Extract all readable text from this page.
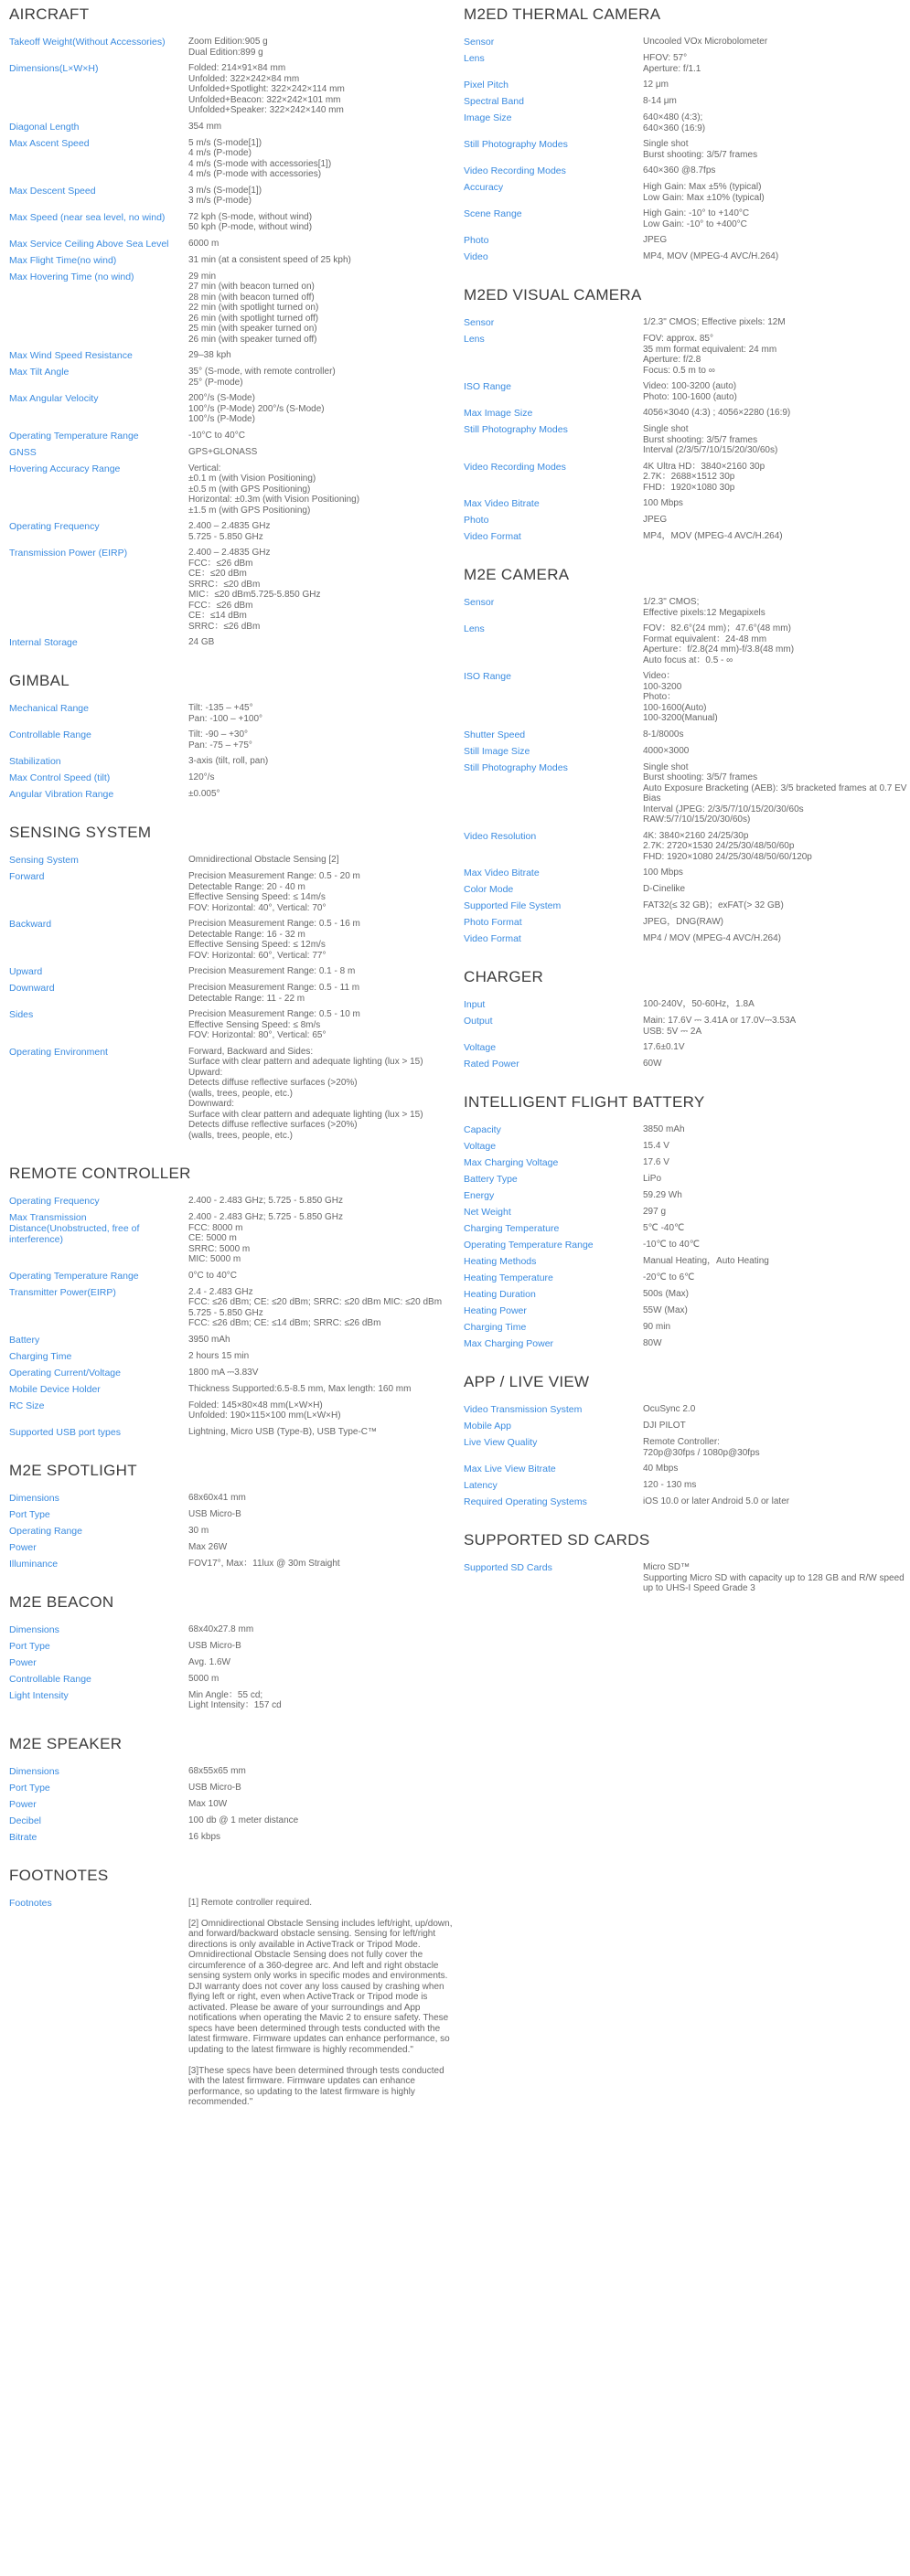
AIRCRAFT
Takeoff Weight(Without Accessories)	Zoom Edition:905 g
Dual Edition:899 g
Dimensions(L×W×H)	Folded: 214×91×84 mm
Unfolded: 322×242×84 mm
Unfolded+Spotlight: 322×242×114 mm
Unfolded+Beacon: 322×242×101 mm
Unfolded+Speaker: 322×242×140 mm
Diagonal Length	354 mm
Max Ascent Speed	5 m/s (S-mode[1])
4 m/s (P-mode)
4 m/s (S-mode with accessories[1])
4 m/s (P-mode with accessories)
Max Descent Speed	3 m/s (S-mode[1])
3 m/s (P-mode)
Max Speed (near sea level, no wind)	72 kph (S-mode, without wind)
50 kph (P-mode, without wind)
Max Service Ceiling Above Sea Level	6000 m
Max Flight Time(no wind)	31 min (at a consistent speed of 25 kph)
Max Hovering Time (no wind)	29 min
27 min (with beacon turned on)
28 min (with beacon turned off)
22 min (with spotlight turned on)
26 min (with spotlight turned off)
25 min (with speaker turned on)
26 min (with speaker turned off)
Max Wind Speed Resistance	29–38 kph
Max Tilt Angle	35° (S-mode, with remote controller)
25° (P-mode)
Max Angular Velocity	200°/s (S-Mode)
100°/s (P-Mode) 200°/s (S-Mode)
100°/s (P-Mode)
Operating Temperature Range	-10°C to 40°C
GNSS	GPS+GLONASS
Hovering Accuracy Range	Vertical:
±0.1 m (with Vision Positioning)
±0.5 m (with GPS Positioning)
Horizontal: ±0.3m (with Vision Positioning)
±1.5 m (with GPS Positioning)
Operating Frequency	2.400 – 2.4835 GHz
5.725 - 5.850 GHz
Transmission Power (EIRP)	2.400 – 2.4835 GHz
FCC：≤26 dBm
CE：≤20 dBm
SRRC：≤20 dBm
MIC：≤20 dBm5.725-5.850 GHz
FCC：≤26 dBm
CE：≤14 dBm
SRRC：≤26 dBm
Internal Storage	24 GB
GIMBAL
Mechanical Range	Tilt: -135 – +45°
Pan: -100 – +100°
Controllable Range	Tilt: -90 – +30°
Pan: -75 – +75°
Stabilization	3-axis (tilt, roll, pan)
Max Control Speed (tilt)	120°/s
Angular Vibration Range	±0.005°
SENSING SYSTEM
Sensing System	Omnidirectional Obstacle Sensing [2]
Forward	Precision Measurement Range: 0.5 - 20 m
Detectable Range: 20 - 40 m
Effective Sensing Speed: ≤ 14m/s
FOV: Horizontal: 40°, Vertical: 70°
Backward	Precision Measurement Range: 0.5 - 16 m
Detectable Range: 16 - 32 m
Effective Sensing Speed: ≤ 12m/s
FOV: Horizontal: 60°, Vertical: 77°
Upward	Precision Measurement Range: 0.1 - 8 m
Downward	Precision Measurement Range: 0.5 - 11 m
Detectable Range: 11 - 22 m
Sides	Precision Measurement Range: 0.5 - 10 m
Effective Sensing Speed: ≤ 8m/s
FOV: Horizontal: 80°, Vertical: 65°
Operating Environment	Forward, Backward and Sides:
Surface with clear pattern and adequate lighting (lux > 15)
Upward:
Detects diffuse reflective surfaces (>20%)
(walls, trees, people, etc.)
Downward:
Surface with clear pattern and adequate lighting (lux > 15)
Detects diffuse reflective surfaces (>20%)
(walls, trees, people, etc.)
REMOTE CONTROLLER
Operating Frequency	2.400 - 2.483 GHz; 5.725 - 5.850 GHz
Max Transmission Distance(Unobstructed, free of interference)
2.400 - 2.483 GHz; 5.725 - 5.850 GHz
FCC: 8000 m
CE: 5000 m
SRRC: 5000 m
MIC: 5000 m
Operating Temperature Range	0°C to 40°C
Transmitter Power(EIRP)	2.4 - 2.483 GHz
FCC: ≤26 dBm; CE: ≤20 dBm; SRRC: ≤20 dBm MIC: ≤20 dBm
5.725 - 5.850 GHz
FCC: ≤26 dBm; CE: ≤14 dBm; SRRC: ≤26 dBm
Battery	3950 mAh
Charging Time	2 hours 15 min
Operating Current/Voltage	1800 mA ⎓3.83V
Mobile Device Holder	Thickness Supported:6.5-8.5 mm, Max length: 160 mm
RC Size	Folded: 145×80×48 mm(L×W×H)
Unfolded: 190×115×100 mm(L×W×H)
Supported USB port types	Lightning, Micro USB (Type-B), USB Type-C™
M2E SPOTLIGHT
Dimensions	68x60x41 mm
Port Type	USB Micro-B
Operating Range	30 m
Power	Max 26W
Illuminance	FOV17°, Max：11lux @ 30m Straight
M2E BEACON
Dimensions	68x40x27.8 mm
Port Type	USB Micro-B
Power	Avg. 1.6W
Controllable Range	5000 m
Light Intensity	Min Angle：55 cd;
Light Intensity：157 cd
M2E SPEAKER
Dimensions	68x55x65 mm
Port Type	USB Micro-B
Power	Max 10W
Decibel	100 db @ 1 meter distance
Bitrate	16 kbps
FOOTNOTES
Footnotes	[1] Remote controller required.

[2] Omnidirectional Obstacle Sensing includes left/right, up/down, and forward/backward obstacle sensing. Sensing for left/right directions is only available in ActiveTrack or Tripod Mode. Omnidirectional Obstacle Sensing does not fully cover the circumference of a 360-degree arc. And left and right obstacle sensing system only works in specific modes and environments. DJI warranty does not cover any loss caused by crashing when flying left or right, even when ActiveTrack or Tripod mode is activated. Please be aware of your surroundings and App notifications when operating the Mavic 2 to ensure safety. These specs have been determined through tests conducted with the latest firmware. Firmware updates can enhance performance, so updating to the latest firmware is highly recommended."

[3]These specs have been determined through tests conducted with the latest firmware. Firmware updates can enhance performance, so updating to the latest firmware is highly recommended."
M2ED THERMAL CAMERA
Sensor	Uncooled VOx Microbolometer
Lens	HFOV: 57°
Aperture: f/1.1
Pixel Pitch	12 μm
Spectral Band	8-14 μm
Image Size	640×480 (4:3);
640×360 (16:9)
Still Photography Modes	Single shot
Burst shooting: 3/5/7 frames
Video Recording Modes	640×360 @8.7fps
Accuracy	High Gain: Max ±5% (typical)
Low Gain: Max ±10% (typical)
Scene Range	High Gain: -10° to +140°C
Low Gain: -10° to +400°C
Photo	JPEG
Video	MP4, MOV (MPEG-4 AVC/H.264)
M2ED VISUAL CAMERA
Sensor	1/2.3" CMOS; Effective pixels: 12M
Lens	FOV: approx. 85°
35 mm format equivalent: 24 mm
Aperture: f/2.8
Focus: 0.5 m to ∞
ISO Range	Video: 100-3200 (auto)
Photo: 100-1600 (auto)
Max Image Size	4056×3040 (4:3) ; 4056×2280 (16:9)
Still Photography Modes	Single shot
Burst shooting: 3/5/7 frames
Interval (2/3/5/7/10/15/20/30/60s)
Video Recording Modes	4K Ultra HD：3840×2160 30p
2.7K：2688×1512 30p
FHD：1920×1080 30p
Max Video Bitrate	100 Mbps
Photo	JPEG
Video Format	MP4，MOV (MPEG-4 AVC/H.264)
M2E CAMERA
Sensor	1/2.3" CMOS;
Effective pixels:12 Megapixels
Lens	FOV：82.6°(24 mm)；47.6°(48 mm)
Format equivalent：24-48 mm
Aperture：f/2.8(24 mm)-f/3.8(48 mm)
Auto focus at：0.5 - ∞
ISO Range	Video：
100-3200
Photo：
100-1600(Auto)
100-3200(Manual)
Shutter Speed	8-1/8000s
Still Image Size	4000×3000
Still Photography Modes	Single shot
Burst shooting: 3/5/7 frames
Auto Exposure Bracketing (AEB): 3/5 bracketed frames at 0.7 EV Bias
Interval (JPEG: 2/3/5/7/10/15/20/30/60s
RAW:5/7/10/15/20/30/60s)
Video Resolution	4K: 3840×2160 24/25/30p
2.7K: 2720×1530 24/25/30/48/50/60p
FHD: 1920×1080 24/25/30/48/50/60/120p
Max Video Bitrate	100 Mbps
Color Mode	D-Cinelike
Supported File System	FAT32(≤ 32 GB)；exFAT(> 32 GB)
Photo Format	JPEG，DNG(RAW)
Video Format	MP4 / MOV (MPEG-4 AVC/H.264)
CHARGER
Input	100-240V，50-60Hz，1.8A
Output	Main: 17.6V ⎓ 3.41A or 17.0V⎓3.53A
USB: 5V ⎓ 2A
Voltage	17.6±0.1V
Rated Power	60W
INTELLIGENT FLIGHT BATTERY
Capacity	3850 mAh
Voltage	15.4 V
Max Charging Voltage	17.6 V
Battery Type	LiPo
Energy	59.29 Wh
Net Weight	297 g
Charging Temperature	5℃ -40℃
Operating Temperature Range	-10℃ to 40℃
Heating Methods	Manual Heating，Auto Heating
Heating Temperature	-20℃ to 6℃
Heating Duration	500s (Max)
Heating Power	55W (Max)
Charging Time	90 min
Max Charging Power	80W
APP / LIVE VIEW
Video Transmission System	OcuSync 2.0
Mobile App	DJI PILOT
Live View Quality	Remote Controller:
720p@30fps / 1080p@30fps
Max Live View Bitrate	40 Mbps
Latency	120 - 130 ms
Required Operating Systems	iOS 10.0 or later Android 5.0 or later
SUPPORTED SD CARDS
Supported SD Cards	Micro SD™
Supporting Micro SD with capacity up to 128 GB and R/W speed up to UHS-I Speed Grade 3
